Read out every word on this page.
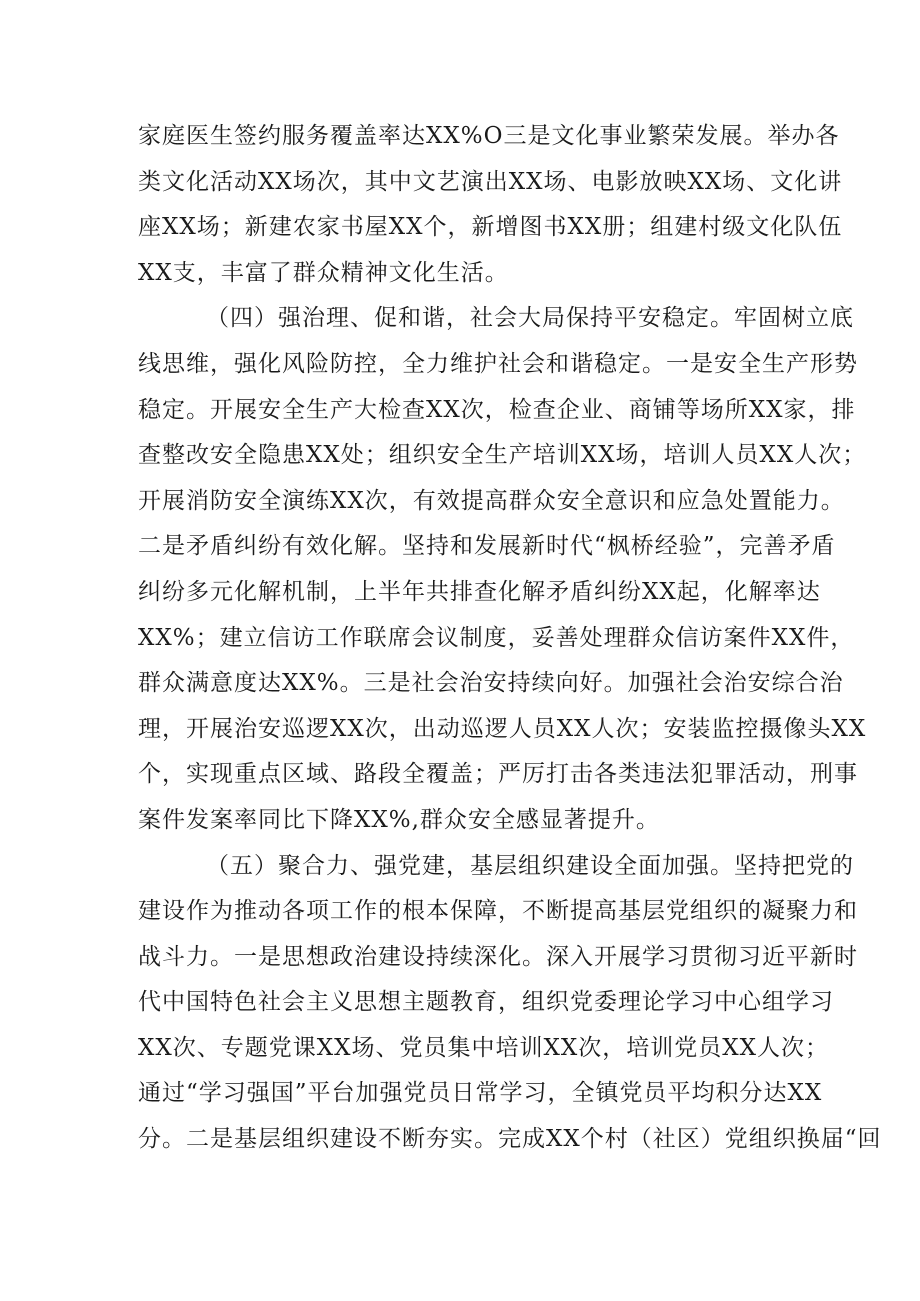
家庭医生签约服务覆盖率达XX%O三是文化事业繁荣发展。举办各
类文化活动XX场次，其中文艺演出XX场、电影放映XX场、文化讲
座XX场；新建农家书屋XX个，新增图书XX册；组建村级文化队伍
XX支，丰富了群众精神文化生活。
（四）强治理、促和谐，社会大局保持平安稳定。牢固树立底
线思维，强化风险防控，全力维护社会和谐稳定。一是安全生产形势
稳定。开展安全生产大检查XX次，检查企业、商铺等场所XX家，排
查整改安全隐患XX处；组织安全生产培训XX场，培训人员XX人次；
开展消防安全演练XX次，有效提高群众安全意识和应急处置能力。
二是矛盾纠纷有效化解。坚持和发展新时代“枫桥经验”，完善矛盾
纠纷多元化解机制，上半年共排查化解矛盾纠纷XX起，化解率达
XX%；建立信访工作联席会议制度，妥善处理群众信访案件XX件，
群众满意度达XX%。三是社会治安持续向好。加强社会治安综合治
理，开展治安巡逻XX次，出动巡逻人员XX人次；安装监控摄像头XX
个，实现重点区域、路段全覆盖；严厉打击各类违法犯罪活动，刑事
案件发案率同比下降XX%,群众安全感显著提升。
（五）聚合力、强党建，基层组织建设全面加强。坚持把党的
建设作为推动各项工作的根本保障，不断提高基层党组织的凝聚力和
战斗力。一是思想政治建设持续深化。深入开展学习贯彻习近平新时
代中国特色社会主义思想主题教育，组织党委理论学习中心组学习
XX次、专题党课XX场、党员集中培训XX次，培训党员XX人次；
通过“学习强国”平台加强党员日常学习，全镇党员平均积分达XX
分。二是基层组织建设不断夯实。完成XX个村（社区）党组织换届“回
